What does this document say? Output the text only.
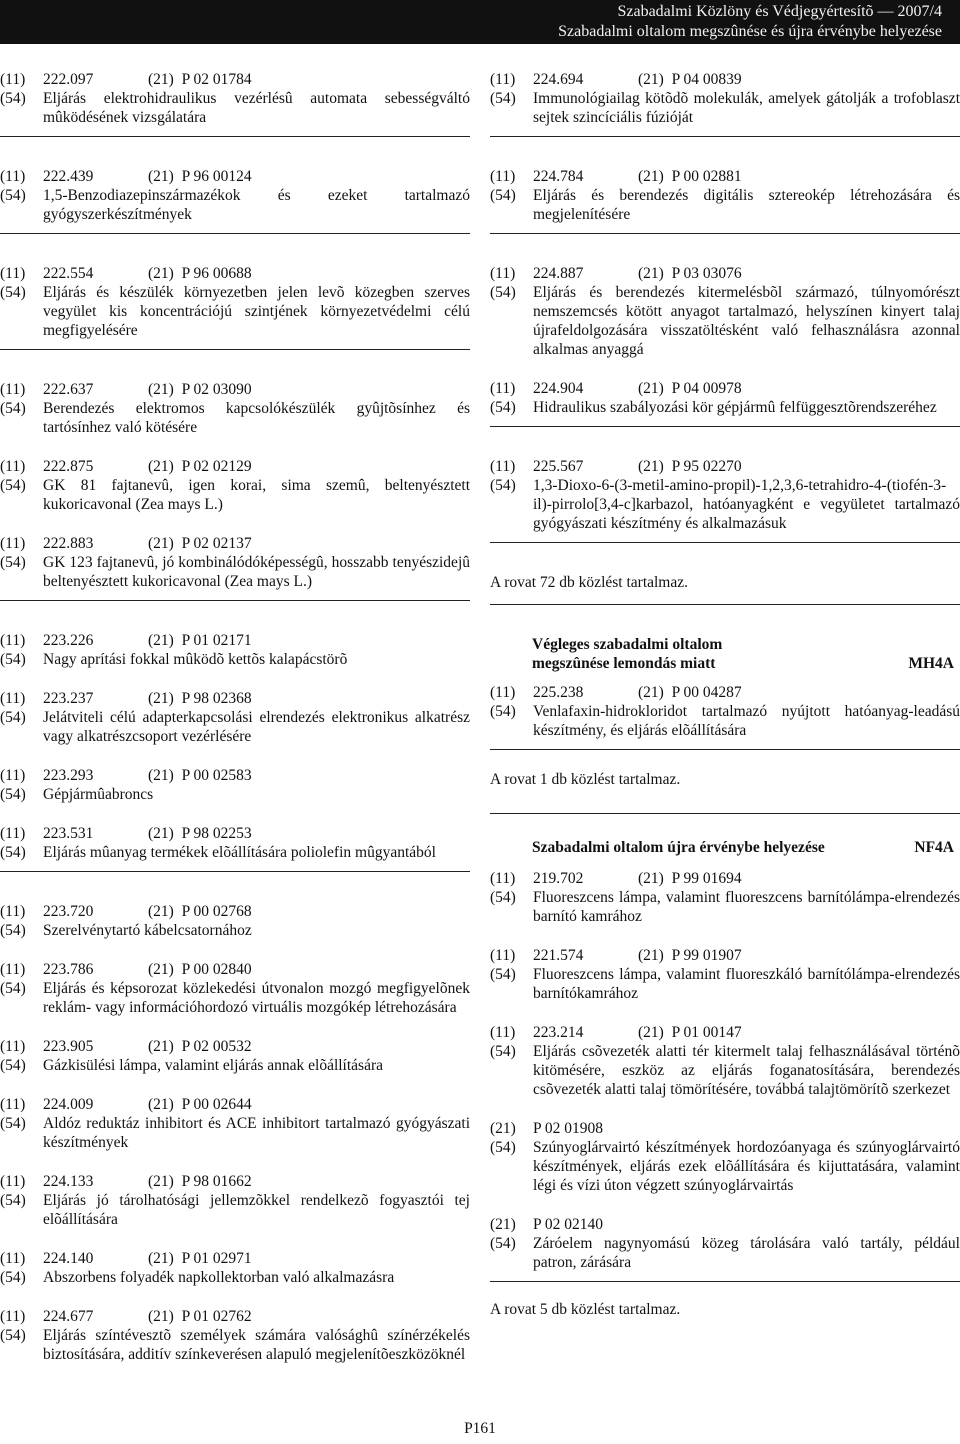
Szabadalmi Közlöny és Védjegyértesítõ — 2007/4
Szabadalmi oltalom megszûnése és újra érvénybe helyezése
(11)	222.097	(21) P 02 01784
(54)	Eljárás elektrohidraulikus vezérlésû automata sebességváltó mûködésének vizsgálatára
(11)	222.439	(21) P 96 00124
(54)	1,5-Benzodiazepinszármazékok és ezeket tartalmazó gyógyszerkészítmények
(11)	222.554	(21) P 96 00688
(54)	Eljárás és készülék környezetben jelen levõ közegben szerves vegyület kis koncentrációjú szintjének környezetvédelmi célú megfigyelésére
(11)	222.637	(21) P 02 03090
(54)	Berendezés elektromos kapcsolókészülék gyûjtõsínhez és tartósínhez való kötésére
(11)	222.875	(21) P 02 02129
(54)	GK 81 fajtanevû, igen korai, sima szemû, beltenyésztett kukoricavonal (Zea mays L.)
(11)	222.883	(21) P 02 02137
(54)	GK 123 fajtanevû, jó kombinálódóképességû, hosszabb tenyészidejû beltenyésztett kukoricavonal (Zea mays L.)
(11)	223.226	(21) P 01 02171
(54)	Nagy aprítási fokkal mûködõ kettõs kalapácstörõ
(11)	223.237	(21) P 98 02368
(54)	Jelátviteli célú adapterkapcsolási elrendezés elektronikus alkatrész vagy alkatrészcsoport vezérlésére
(11)	223.293	(21) P 00 02583
(54)	Gépjármûabroncs
(11)	223.531	(21) P 98 02253
(54)	Eljárás mûanyag termékek elõállítására poliolefin mûgyantából
(11)	223.720	(21) P 00 02768
(54)	Szerelvénytartó kábelcsatornához
(11)	223.786	(21) P 00 02840
(54)	Eljárás és képsorozat közlekedési útvonalon mozgó megfigyelõnek reklám- vagy információhordozó virtuális mozgókép létrehozására
(11)	223.905	(21) P 02 00532
(54)	Gázkisülési lámpa, valamint eljárás annak elõállítására
(11)	224.009	(21) P 00 02644
(54)	Aldóz reduktáz inhibitort és ACE inhibitort tartalmazó gyógyászati készítmények
(11)	224.133	(21) P 98 01662
(54)	Eljárás jó tárolhatósági jellemzõkkel rendelkezõ fogyasztói tej elõállítására
(11)	224.140	(21) P 01 02971
(54)	Abszorbens folyadék napkollektorban való alkalmazásra
(11)	224.677	(21) P 01 02762
(54)	Eljárás színtévesztõ személyek számára valósághû színérzékelés biztosítására, additív színkeverésen alapuló megjelenítõeszközöknél
(11)	224.694	(21) P 04 00839
(54)	Immunológiailag kötõdõ molekulák, amelyek gátolják a trofoblaszt sejtek szincíciális fúzióját
(11)	224.784	(21) P 00 02881
(54)	Eljárás és berendezés digitális sztereokép létrehozására és megjelenítésére
(11)	224.887	(21) P 03 03076
(54)	Eljárás és berendezés kitermelésbõl származó, túlnyomórészt nemszemcsés kötött anyagot tartalmazó, helyszínen kinyert talaj újrafeldolgozására visszatöltésként való felhasználásra azonnal alkalmas anyaggá
(11)	224.904	(21) P 04 00978
(54)	Hidraulikus szabályozási kör gépjármû felfüggesztõrendszeréhez
(11)	225.567	(21) P 95 02270
(54)	1,3-Dioxo-6-(3-metil-amino-propil)-1,2,3,6-tetrahidro-4-(tiofén-3-il)-pirrolo[3,4-c]karbazol, hatóanyagként e vegyületet tartalmazó gyógyászati készítmény és alkalmazásuk
A rovat 72 db közlést tartalmaz.
Végleges szabadalmi oltalom
megszûnése lemondás miatt	MH4A
(11)	225.238	(21) P 00 04287
(54)	Venlafaxin-hidrokloridot tartalmazó nyújtott hatóanyag-leadású készítmény, és eljárás elõállítására
A rovat 1 db közlést tartalmaz.
Szabadalmi oltalom újra érvénybe helyezése	NF4A
(11)	219.702	(21) P 99 01694
(54)	Fluoreszcens lámpa, valamint fluoreszcens barnítólámpa-elrendezés barnító kamrához
(11)	221.574	(21) P 99 01907
(54)	Fluoreszcens lámpa, valamint fluoreszkáló barnítólámpa-elrendezés barnítókamrához
(11)	223.214	(21) P 01 00147
(54)	Eljárás csõvezeték alatti tér kitermelt talaj felhasználásával történõ kitömésére, eszköz az eljárás foganatosítására, berendezés csõvezeték alatti talaj tömörítésére, továbbá talajtömörítõ szerkezet
(21)	P 02 01908
(54)	Szúnyoglárvairtó készítmények hordozóanyaga és szúnyoglárvairtó készítmények, eljárás ezek elõállítására és kijuttatására, valamint légi és vízi úton végzett szúnyoglárvairtás
(21)	P 02 02140
(54)	Záróelem nagynyomású közeg tárolására való tartály, például patron, zárására
A rovat 5 db közlést tartalmaz.
P161
